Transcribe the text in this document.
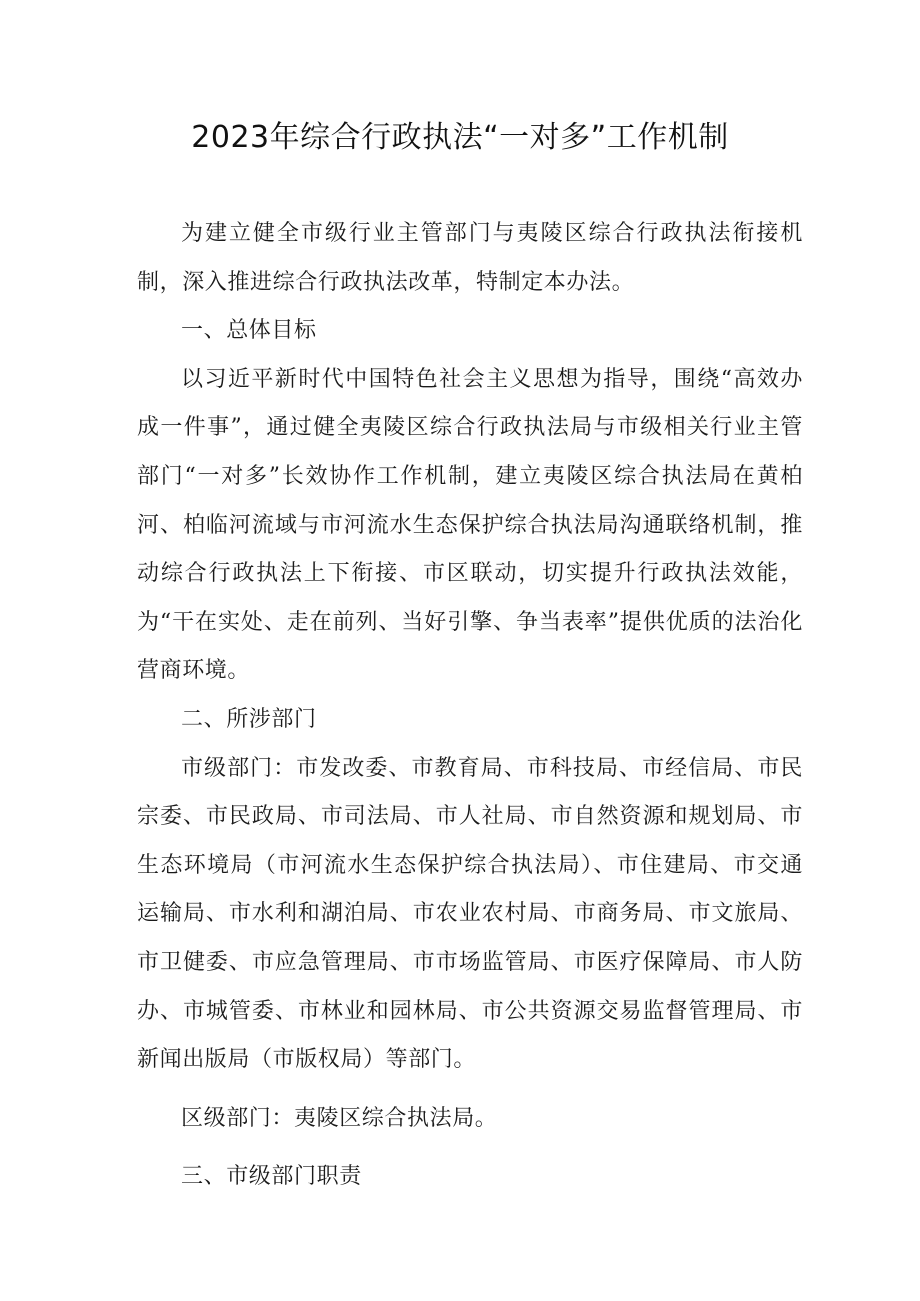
2023年综合行政执法“一对多”工作机制

为建立健全市级行业主管部门与夷陵区综合行政执法衔接机制，深入推进综合行政执法改革，特制定本办法。

一、总体目标

以习近平新时代中国特色社会主义思想为指导，围绕“高效办成一件事”，通过健全夷陵区综合行政执法局与市级相关行业主管部门“一对多”长效协作工作机制，建立夷陵区综合执法局在黄柏河、柏临河流域与市河流水生态保护综合执法局沟通联络机制，推动综合行政执法上下衔接、市区联动，切实提升行政执法效能，为“干在实处、走在前列、当好引擎、争当表率”提供优质的法治化营商环境。

二、所涉部门

市级部门：市发改委、市教育局、市科技局、市经信局、市民宗委、市民政局、市司法局、市人社局、市自然资源和规划局、市生态环境局（市河流水生态保护综合执法局）、市住建局、市交通运输局、市水利和湖泊局、市农业农村局、市商务局、市文旅局、市卫健委、市应急管理局、市市场监管局、市医疗保障局、市人防办、市城管委、市林业和园林局、市公共资源交易监督管理局、市新闻出版局（市版权局）等部门。

区级部门：夷陵区综合执法局。

三、市级部门职责
